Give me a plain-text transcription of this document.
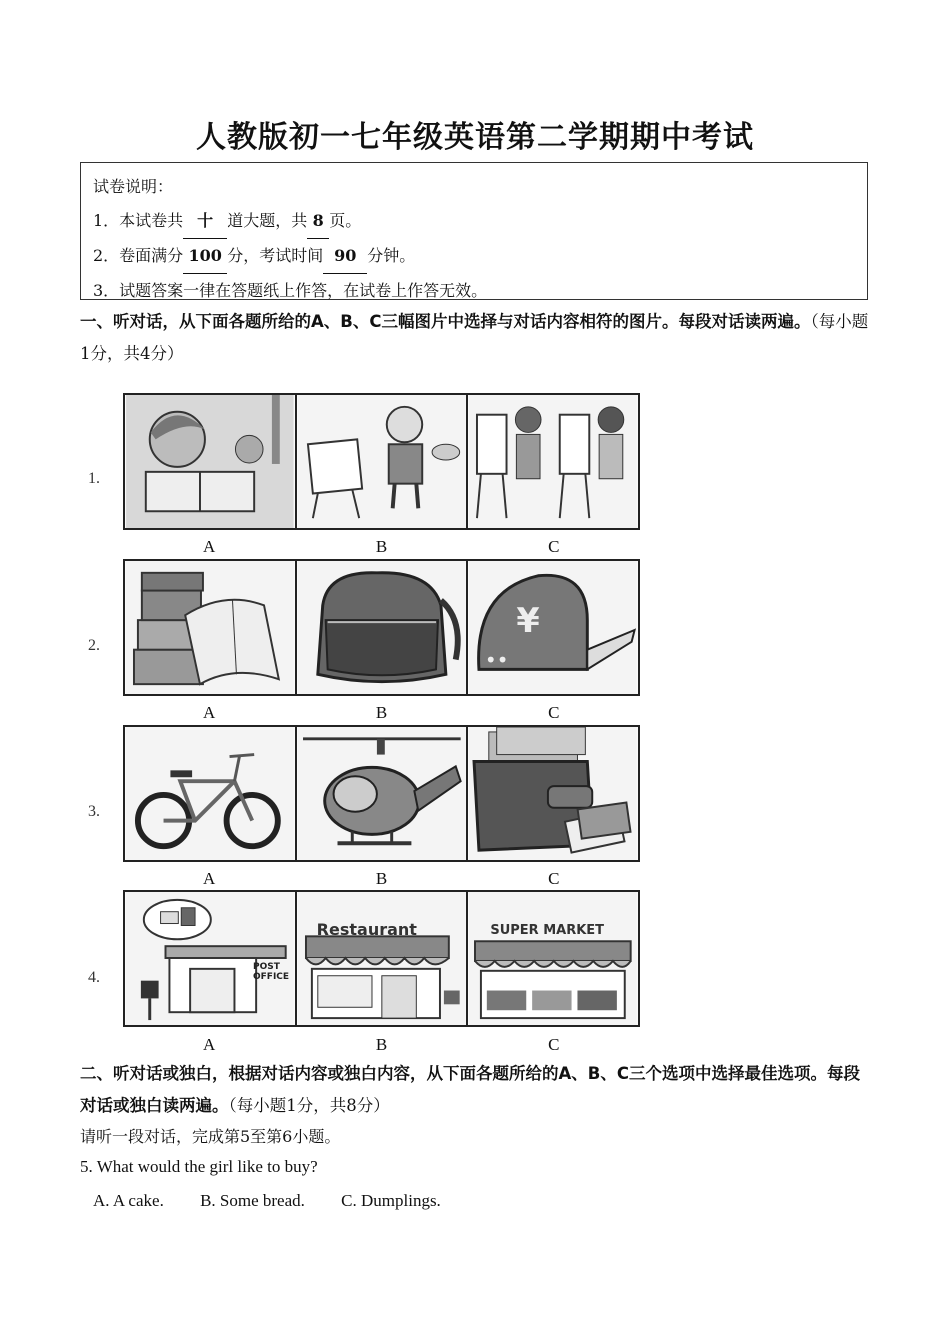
人教版初一七年级英语第二学期期中考试
试卷说明：
1．本试卷共 十 道大题，共 8 页。
2．卷面满分 100 分，考试时间 90 分钟。
3．试题答案一律在答题纸上作答，在试卷上作答无效。
一、听对话，从下面各题所给的A、B、C三幅图片中选择与对话内容相符的图片。每段对话读两遍。（每小题1分，共4分）
1.
A	B	C
2.
¥
A	B	C
3.
A	B	C
4.
POST OFFICE
Restaurant	SUPER MARKET
A	B	C
二、听对话或独白，根据对话内容或独白内容，从下面各题所给的A、B、C三个选项中选择最佳选项。每段对话或独白读两遍。（每小题1分，共8分）
请听一段对话，完成第5至第6小题。
5. What would the girl like to buy?
A. A cake. B. Some bread. C. Dumplings.
